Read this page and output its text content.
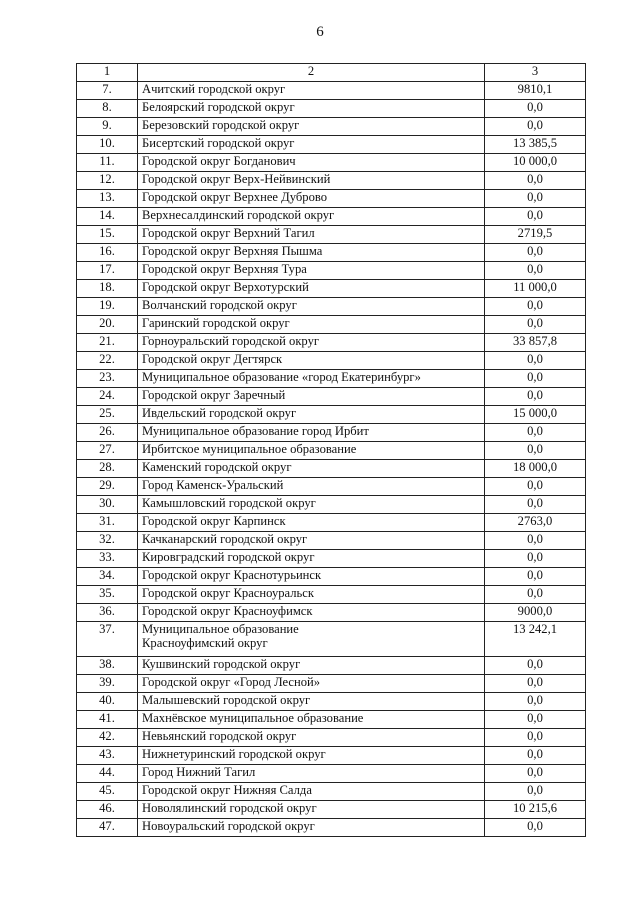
6
1	2	3
7.	Ачитский городской округ	9810,1
8.	Белоярский городской округ	0,0
9.	Березовский городской округ	0,0
10.	Бисертский городской округ	13 385,5
11.	Городской округ Богданович	10 000,0
12.	Городской округ Верх-Нейвинский	0,0
13.	Городской округ Верхнее Дуброво	0,0
14.	Верхнесалдинский городской округ	0,0
15.	Городской округ Верхний Тагил	2719,5
16.	Городской округ Верхняя Пышма	0,0
17.	Городской округ Верхняя Тура	0,0
18.	Городской округ Верхотурский	11 000,0
19.	Волчанский городской округ	0,0
20.	Гаринский городской округ	0,0
21.	Горноуральский городской округ	33 857,8
22.	Городской округ Дегтярск	0,0
23.	Муниципальное образование «город Екатеринбург»	0,0
24.	Городской округ Заречный	0,0
25.	Ивдельский городской округ	15 000,0
26.	Муниципальное образование город Ирбит	0,0
27.	Ирбитское муниципальное образование	0,0
28.	Каменский городской округ	18 000,0
29.	Город Каменск-Уральский	0,0
30.	Камышловский городской округ	0,0
31.	Городской округ Карпинск	2763,0
32.	Качканарский городской округ	0,0
33.	Кировградский городской округ	0,0
34.	Городской округ Краснотурьинск	0,0
35.	Городской округ Красноуральск	0,0
36.	Городской округ Красноуфимск	9000,0
37.	Муниципальное образование
Красноуфимский округ	13 242,1
38.	Кушвинский городской округ	0,0
39.	Городской округ «Город Лесной»	0,0
40.	Малышевский городской округ	0,0
41.	Махнёвское муниципальное образование	0,0
42.	Невьянский городской округ	0,0
43.	Нижнетуринский городской округ	0,0
44.	Город Нижний Тагил	0,0
45.	Городской округ Нижняя Салда	0,0
46.	Новолялинский городской округ	10 215,6
47.	Новоуральский городской округ	0,0
